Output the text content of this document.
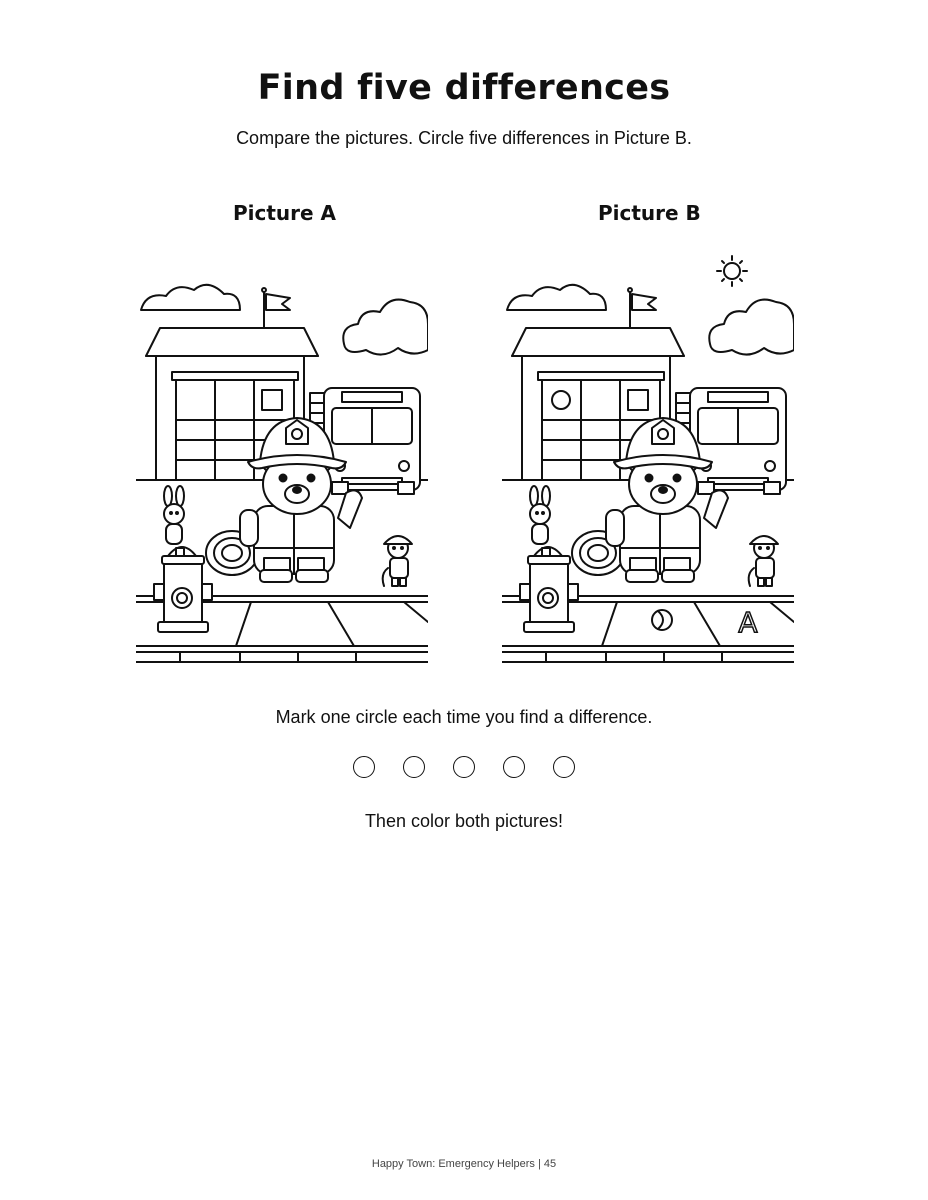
Find five differences
Compare the pictures. Circle five differences in Picture B.
Picture A	Picture B
A
Mark one circle each time you find a difference.
Then color both pictures!
Happy Town: Emergency Helpers | 45
